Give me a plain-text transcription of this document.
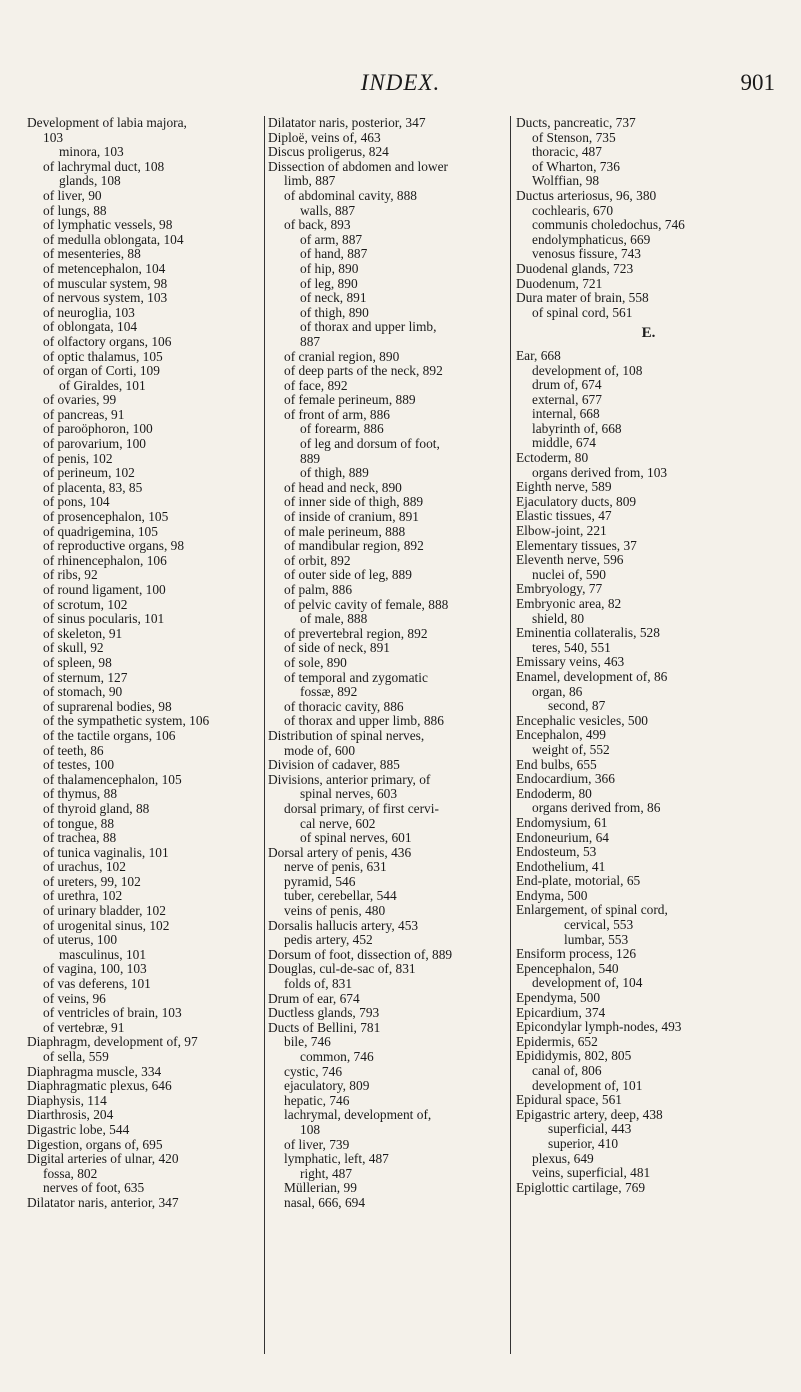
INDEX.	901
Development of labia majora,
103
minora, 103
of lachrymal duct, 108
glands, 108
of liver, 90
of lungs, 88
of lymphatic vessels, 98
of medulla oblongata, 104
of mesenteries, 88
of metencephalon, 104
of muscular system, 98
of nervous system, 103
of neuroglia, 103
of oblongata, 104
of olfactory organs, 106
of optic thalamus, 105
of organ of Corti, 109
of Giraldes, 101
of ovaries, 99
of pancreas, 91
of paroöphoron, 100
of parovarium, 100
of penis, 102
of perineum, 102
of placenta, 83, 85
of pons, 104
of prosencephalon, 105
of quadrigemina, 105
of reproductive organs, 98
of rhinencephalon, 106
of ribs, 92
of round ligament, 100
of scrotum, 102
of sinus pocularis, 101
of skeleton, 91
of skull, 92
of spleen, 98
of sternum, 127
of stomach, 90
of suprarenal bodies, 98
of the sympathetic system, 106
of the tactile organs, 106
of teeth, 86
of testes, 100
of thalamencephalon, 105
of thymus, 88
of thyroid gland, 88
of tongue, 88
of trachea, 88
of tunica vaginalis, 101
of urachus, 102
of ureters, 99, 102
of urethra, 102
of urinary bladder, 102
of urogenital sinus, 102
of uterus, 100
masculinus, 101
of vagina, 100, 103
of vas deferens, 101
of veins, 96
of ventricles of brain, 103
of vertebræ, 91
Diaphragm, development of, 97
of sella, 559
Diaphragma muscle, 334
Diaphragmatic plexus, 646
Diaphysis, 114
Diarthrosis, 204
Digastric lobe, 544
Digestion, organs of, 695
Digital arteries of ulnar, 420
fossa, 802
nerves of foot, 635
Dilatator naris, anterior, 347
Dilatator naris, posterior, 347
Diploë, veins of, 463
Discus proligerus, 824
Dissection of abdomen and lower
limb, 887
of abdominal cavity, 888
walls, 887
of back, 893
of arm, 887
of hand, 887
of hip, 890
of leg, 890
of neck, 891
of thigh, 890
of thorax and upper limb,
887
of cranial region, 890
of deep parts of the neck, 892
of face, 892
of female perineum, 889
of front of arm, 886
of forearm, 886
of leg and dorsum of foot,
889
of thigh, 889
of head and neck, 890
of inner side of thigh, 889
of inside of cranium, 891
of male perineum, 888
of mandibular region, 892
of orbit, 892
of outer side of leg, 889
of palm, 886
of pelvic cavity of female, 888
of male, 888
of prevertebral region, 892
of side of neck, 891
of sole, 890
of temporal and zygomatic
fossæ, 892
of thoracic cavity, 886
of thorax and upper limb, 886
Distribution of spinal nerves,
mode of, 600
Division of cadaver, 885
Divisions, anterior primary, of
spinal nerves, 603
dorsal primary, of first cervi-
cal nerve, 602
of spinal nerves, 601
Dorsal artery of penis, 436
nerve of penis, 631
pyramid, 546
tuber, cerebellar, 544
veins of penis, 480
Dorsalis hallucis artery, 453
pedis artery, 452
Dorsum of foot, dissection of, 889
Douglas, cul-de-sac of, 831
folds of, 831
Drum of ear, 674
Ductless glands, 793
Ducts of Bellini, 781
bile, 746
common, 746
cystic, 746
ejaculatory, 809
hepatic, 746
lachrymal, development of,
108
of liver, 739
lymphatic, left, 487
right, 487
Müllerian, 99
nasal, 666, 694
Ducts, pancreatic, 737
of Stenson, 735
thoracic, 487
of Wharton, 736
Wolffian, 98
Ductus arteriosus, 96, 380
cochlearis, 670
communis choledochus, 746
endolymphaticus, 669
venosus fissure, 743
Duodenal glands, 723
Duodenum, 721
Dura mater of brain, 558
of spinal cord, 561
E.
Ear, 668
development of, 108
drum of, 674
external, 677
internal, 668
labyrinth of, 668
middle, 674
Ectoderm, 80
organs derived from, 103
Eighth nerve, 589
Ejaculatory ducts, 809
Elastic tissues, 47
Elbow-joint, 221
Elementary tissues, 37
Eleventh nerve, 596
nuclei of, 590
Embryology, 77
Embryonic area, 82
shield, 80
Eminentia collateralis, 528
teres, 540, 551
Emissary veins, 463
Enamel, development of, 86
organ, 86
second, 87
Encephalic vesicles, 500
Encephalon, 499
weight of, 552
End bulbs, 655
Endocardium, 366
Endoderm, 80
organs derived from, 86
Endomysium, 61
Endoneurium, 64
Endosteum, 53
Endothelium, 41
End-plate, motorial, 65
Endyma, 500
Enlargement, of spinal cord,
cervical, 553
lumbar, 553
Ensiform process, 126
Epencephalon, 540
development of, 104
Ependyma, 500
Epicardium, 374
Epicondylar lymph-nodes, 493
Epidermis, 652
Epididymis, 802, 805
canal of, 806
development of, 101
Epidural space, 561
Epigastric artery, deep, 438
superficial, 443
superior, 410
plexus, 649
veins, superficial, 481
Epiglottic cartilage, 769
